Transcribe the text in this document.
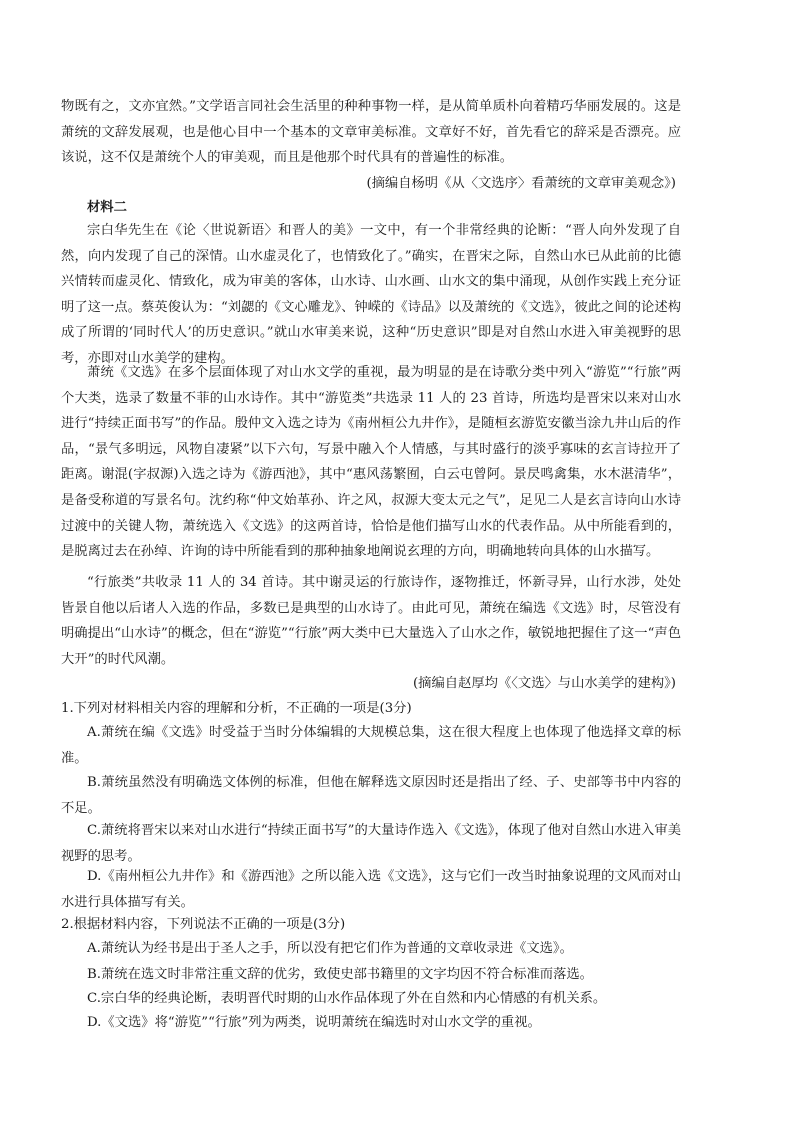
物既有之，文亦宜然。”文学语言同社会生活里的种种事物一样，是从简单质朴向着精巧华丽发展的。这是萧统的文辞发展观，也是他心目中一个基本的文章审美标准。文章好不好，首先看它的辞采是否漂亮。应该说，这不仅是萧统个人的审美观，而且是他那个时代具有的普遍性的标准。

(摘编自杨明《从〈文选序〉看萧统的文章审美观念》)

材料二

宗白华先生在《论〈世说新语〉和晋人的美》一文中，有一个非常经典的论断：“晋人向外发现了自然，向内发现了自己的深情。山水虚灵化了，也情致化了。”确实，在晋宋之际，自然山水已从此前的比德兴情转而虚灵化、情致化，成为审美的客体，山水诗、山水画、山水文的集中涌现，从创作实践上充分证明了这一点。蔡英俊认为：“刘勰的《文心雕龙》、钟嵘的《诗品》以及萧统的《文选》，彼此之间的论述构成了所谓的‘同时代人’的历史意识。”就山水审美来说，这种“历史意识”即是对自然山水进入审美视野的思考，亦即对山水美学的建构。

萧统《文选》在多个层面体现了对山水文学的重视，最为明显的是在诗歌分类中列入“游览”“行旅”两个大类，选录了数量不菲的山水诗作。其中“游览类”共选录 11 人的 23 首诗，所选均是晋宋以来对山水进行“持续正面书写”的作品。殷仲文入选之诗为《南州桓公九井作》，是随桓玄游览安徽当涂九井山后的作品，“景气多明远，风物自凄紧”以下六句，写景中融入个人情感，与其时盛行的淡乎寡味的玄言诗拉开了距离。谢混(字叔源)入选之诗为《游西池》，其中“惠风荡繁囿，白云屯曾阿。景昃鸣禽集，水木湛清华”，是备受称道的写景名句。沈约称“仲文始革孙、许之风，叔源大变太元之气”，足见二人是玄言诗向山水诗过渡中的关键人物，萧统选入《文选》的这两首诗，恰恰是他们描写山水的代表作品。从中所能看到的，是脱离过去在孙绰、许询的诗中所能看到的那种抽象地阐说玄理的方向，明确地转向具体的山水描写。

“行旅类”共收录 11 人的 34 首诗。其中谢灵运的行旅诗作，逐物推迁，怀新寻异，山行水涉，处处皆景自他以后诸人入选的作品，多数已是典型的山水诗了。由此可见，萧统在编选《文选》时，尽管没有明确提出“山水诗”的概念，但在“游览”“行旅”两大类中已大量选入了山水之作，敏锐地把握住了这一“声色大开”的时代风潮。

(摘编自赵厚均《〈文选〉与山水美学的建构》)

1.下列对材料相关内容的理解和分析，不正确的一项是(3分)

A.萧统在编《文选》时受益于当时分体编辑的大规模总集，这在很大程度上也体现了他选择文章的标准。

B.萧统虽然没有明确选文体例的标准，但他在解释选文原因时还是指出了经、子、史部等书中内容的不足。

C.萧统将晋宋以来对山水进行“持续正面书写”的大量诗作选入《文选》，体现了他对自然山水进入审美视野的思考。

D.《南州桓公九井作》和《游西池》之所以能入选《文选》，这与它们一改当时抽象说理的文风而对山水进行具体描写有关。

2.根据材料内容，下列说法不正确的一项是(3分)

A.萧统认为经书是出于圣人之手，所以没有把它们作为普通的文章收录进《文选》。

B.萧统在选文时非常注重文辞的优劣，致使史部书籍里的文字均因不符合标准而落选。

C.宗白华的经典论断，表明晋代时期的山水作品体现了外在自然和内心情感的有机关系。

D.《文选》将“游览”“行旅”列为两类，说明萧统在编选时对山水文学的重视。
